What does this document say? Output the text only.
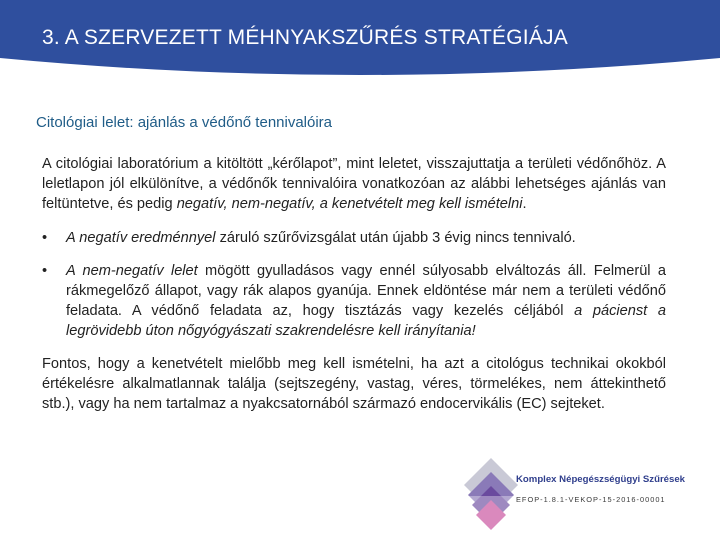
3. A SZERVEZETT MÉHNYAKSZŰRÉS STRATÉGIÁJA
Citológiai lelet: ajánlás a védőnő tennivalóira

A citológiai laboratórium a kitöltött „kérőlapot”, mint leletet, visszajuttatja a területi védőnőhöz. A leletlapon jól elkülönítve, a védőnők tennivalóira vonatkozóan az alábbi lehetséges ajánlás van feltüntetve, és pedig negatív, nem-negatív, a kenetvételt meg kell ismételni.

• A negatív eredménnyel záruló szűrővizsgálat után újabb 3 évig nincs tennivaló.
• A nem-negatív lelet mögött gyulladásos vagy ennél súlyosabb elváltozás áll. Felmerül a rákmegelőző állapot, vagy rák alapos gyanúja. Ennek eldöntése már nem a területi védőnő feladata. A védőnő feladata az, hogy tisztázás vagy kezelés céljából a pácienst a legrövidebb úton nőgyógyászati szakrendelésre kell irányítania!

Fontos, hogy a kenetvételt mielőbb meg kell ismételni, ha azt a citológus technikai okokból értékelésre alkalmatlannak találja (sejtszegény, vastag, véres, törmelékes, nem áttekinthető stb.), vagy ha nem tartalmaz a nyakcsatornából származó endocervikális (EC) sejteket.

Komplex Népegészségügyi Szűrések
EFOP-1.8.1-VEKOP-15-2016-00001
